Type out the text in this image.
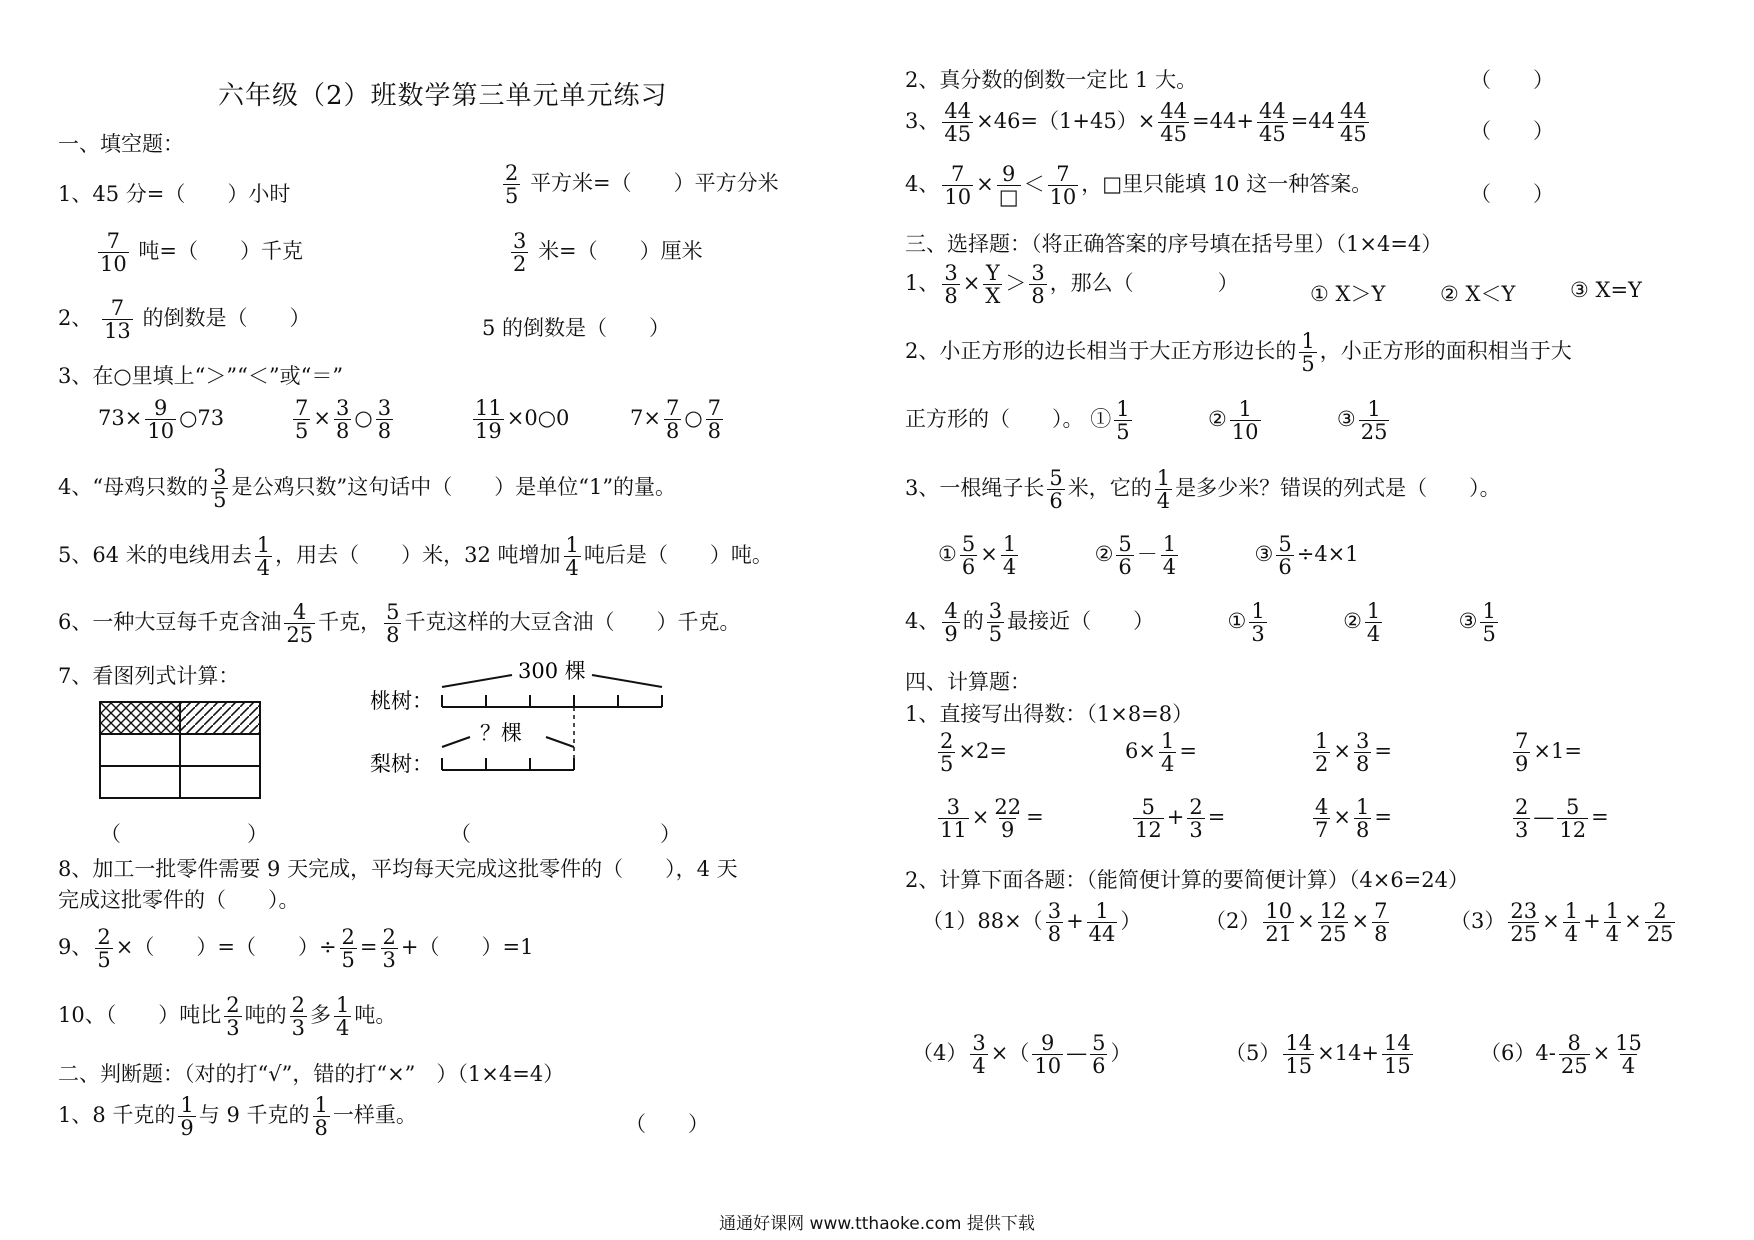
六年级（2）班数学第三单元单元练习
一、填空题：
1、45 分=（　　）小时	$\frac{2}{5}$ 平方米=（　　）平方分米
$\frac{7}{10}$ 吨=（　　）千克	$\frac{3}{2}$ 米=（　　）厘米
2、 $\frac{7}{13}$ 的倒数是（　　）	5 的倒数是（　　）
3、在○里填上“＞”“＜”或“＝”
$73\times \frac{9}{10}$ ○73	$\frac{7}{5} \times \frac{3}{8}$ ○ $\frac{3}{8}$	$\frac{11}{19}$ ×0○0	$7\times \frac{7}{8}$ ○ $\frac{7}{8}$
4、“母鸡只数的 $\frac{3}{5}$ 是公鸡只数”这句话中（　　）是单位“1”的量。
5、64 米的电线用去 $\frac{1}{4}$ ，用去（　　）米，32 吨增加 $\frac{1}{4}$ 吨后是（　　）吨。
6、一种大豆每千克含油 $\frac{4}{25}$ 千克， $\frac{5}{8}$ 千克这样的大豆含油（　　）千克。
7、看图列式计算：	300 棵
桃树：
？棵
梨树：
（　　　　　　）	（　　　　　　　　　）
8、加工一批零件需要 9 天完成，平均每天完成这批零件的（　　），4 天
完成这批零件的（　　）。
9、 $\frac{2}{5}$ ×（　　）=（　　）÷ $\frac{2}{5} = \frac{2}{3}$ +（　　）=1
10、（　　）吨比 $\frac{2}{3}$ 吨的 $\frac{2}{3}$ 多 $\frac{1}{4}$ 吨。
二、判断题：（对的打“√”，错的打“×”　）（1×4=4）
1、8 千克的 $\frac{1}{9}$ 与 9 千克的 $\frac{1}{8}$ 一样重。	（　　）
2、真分数的倒数一定比 1 大。	（　　）
3、 $\frac{44}{45} \times 46=(1+45)\times \frac{44}{45} =44+ \frac{44}{45} =44 \frac{44}{45}$	（　　）
4、 $\frac{7}{10} \times \frac{9}{□} < \frac{7}{10}$ ，□里只能填 10 这一种答案。	（　　）
三、选择题：（将正确答案的序号填在括号里）（1×4=4）
1、 $\frac{3}{8} \times \frac{Y}{X} > \frac{3}{8}$ ，那么（　　　　）	① X＞Y	② X＜Y	③ X=Y
2、小正方形的边长相当于大正方形边长的 $\frac{1}{5}$ ，小正方形的面积相当于大
正方形的（　　）。 ① $\frac{1}{5}$	② $\frac{1}{10}$	③ $\frac{1}{25}$
3、一根绳子长 $\frac{5}{6}$ 米，它的 $\frac{1}{4}$ 是多少米？错误的列式是（　　）。
① $\frac{5}{6} \times \frac{1}{4}$	② $\frac{5}{6} - \frac{1}{4}$	③ $\frac{5}{6} \div 4\times 1$
4、 $\frac{4}{9}$ 的 $\frac{3}{5}$ 最接近（　　）	① $\frac{1}{3}$	② $\frac{1}{4}$	③ $\frac{1}{5}$
四、计算题：
1、直接写出得数：（1×8=8）
$\frac{2}{5} \times 2=$	$6\times \frac{1}{4}$ =	$\frac{1}{2} \times \frac{3}{8}$ =	$\frac{7}{9} \times 1=$
$\frac{3}{11} \times \frac{22}{9}$ =	$\frac{5}{12} + \frac{2}{3}$ =	$\frac{4}{7} \times \frac{1}{8}$ =	$\frac{2}{3}$ — $\frac{5}{12}$ =
2、计算下面各题：（能简便计算的要简便计算）（4×6=24）
$(1)88\times( \frac{3}{8} + \frac{1}{44}$ ）	$(2) \frac{10}{21} \times \frac{12}{25} \times \frac{7}{8}$	$(3) \frac{23}{25} \times \frac{1}{4} + \frac{1}{4} \times \frac{2}{25}$
$(4) \frac{3}{4}$ ×（ $\frac{9}{10}$ — $\frac{5}{6}$ ）	$(5) \frac{14}{15} \times 14+ \frac{14}{15}$	$(6)4- \frac{8}{25} \times \frac{15}{4}$
通通好课网 www.tthaoke.com 提供下载
